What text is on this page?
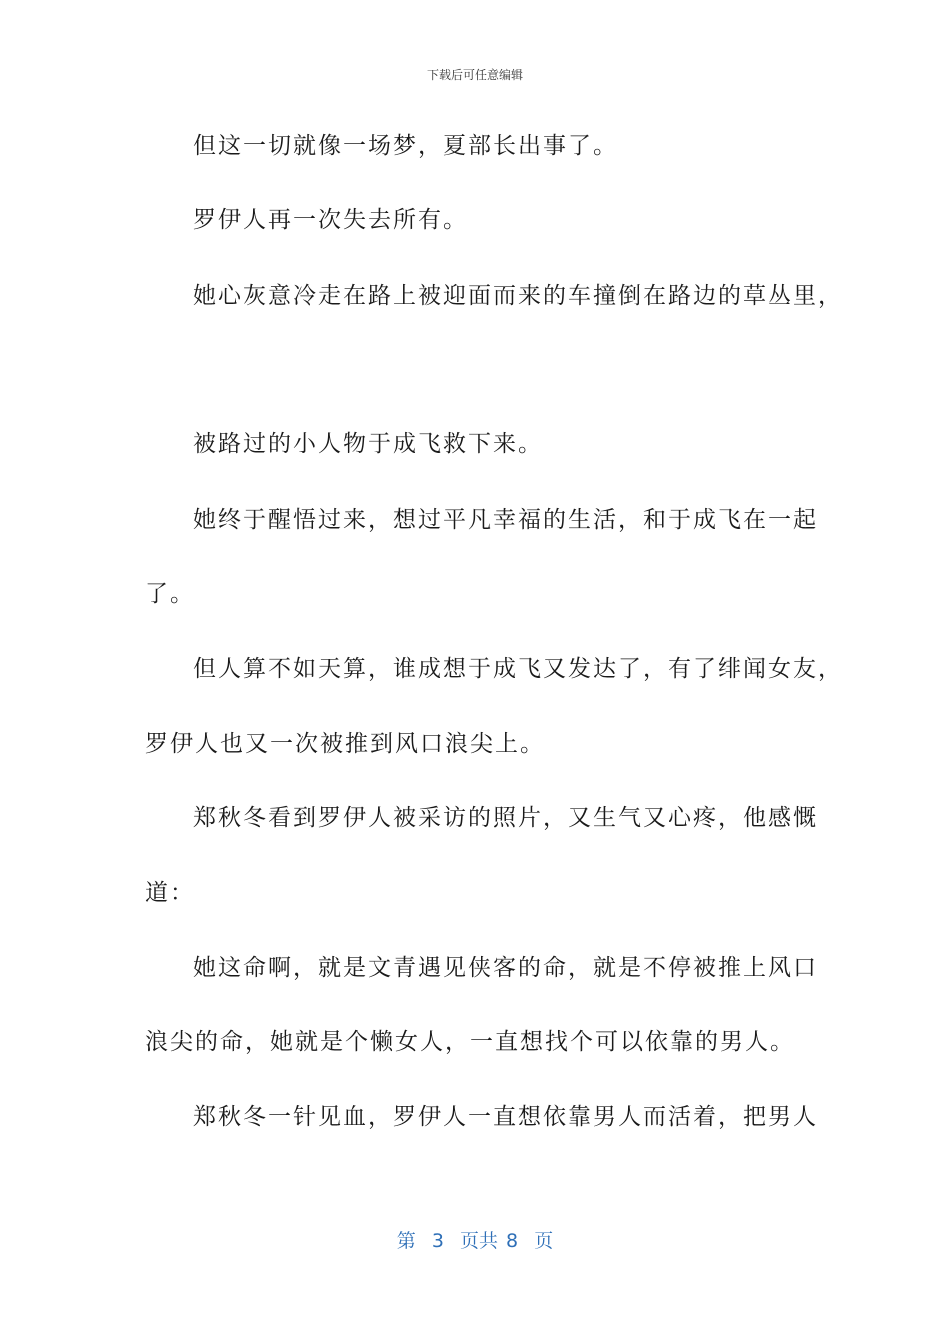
下载后可任意编辑
但这一切就像一场梦，夏部长出事了。
罗伊人再一次失去所有。
她心灰意冷走在路上被迎面而来的车撞倒在路边的草丛里，
被路过的小人物于成飞救下来。
她终于醒悟过来，想过平凡幸福的生活，和于成飞在一起
了。
但人算不如天算，谁成想于成飞又发达了，有了绯闻女友，
罗伊人也又一次被推到风口浪尖上。
郑秋冬看到罗伊人被采访的照片，又生气又心疼，他感慨
道：
她这命啊，就是文青遇见侠客的命，就是不停被推上风口
浪尖的命，她就是个懒女人，一直想找个可以依靠的男人。
郑秋冬一针见血，罗伊人一直想依靠男人而活着，把男人
第  3  页共 8  页
